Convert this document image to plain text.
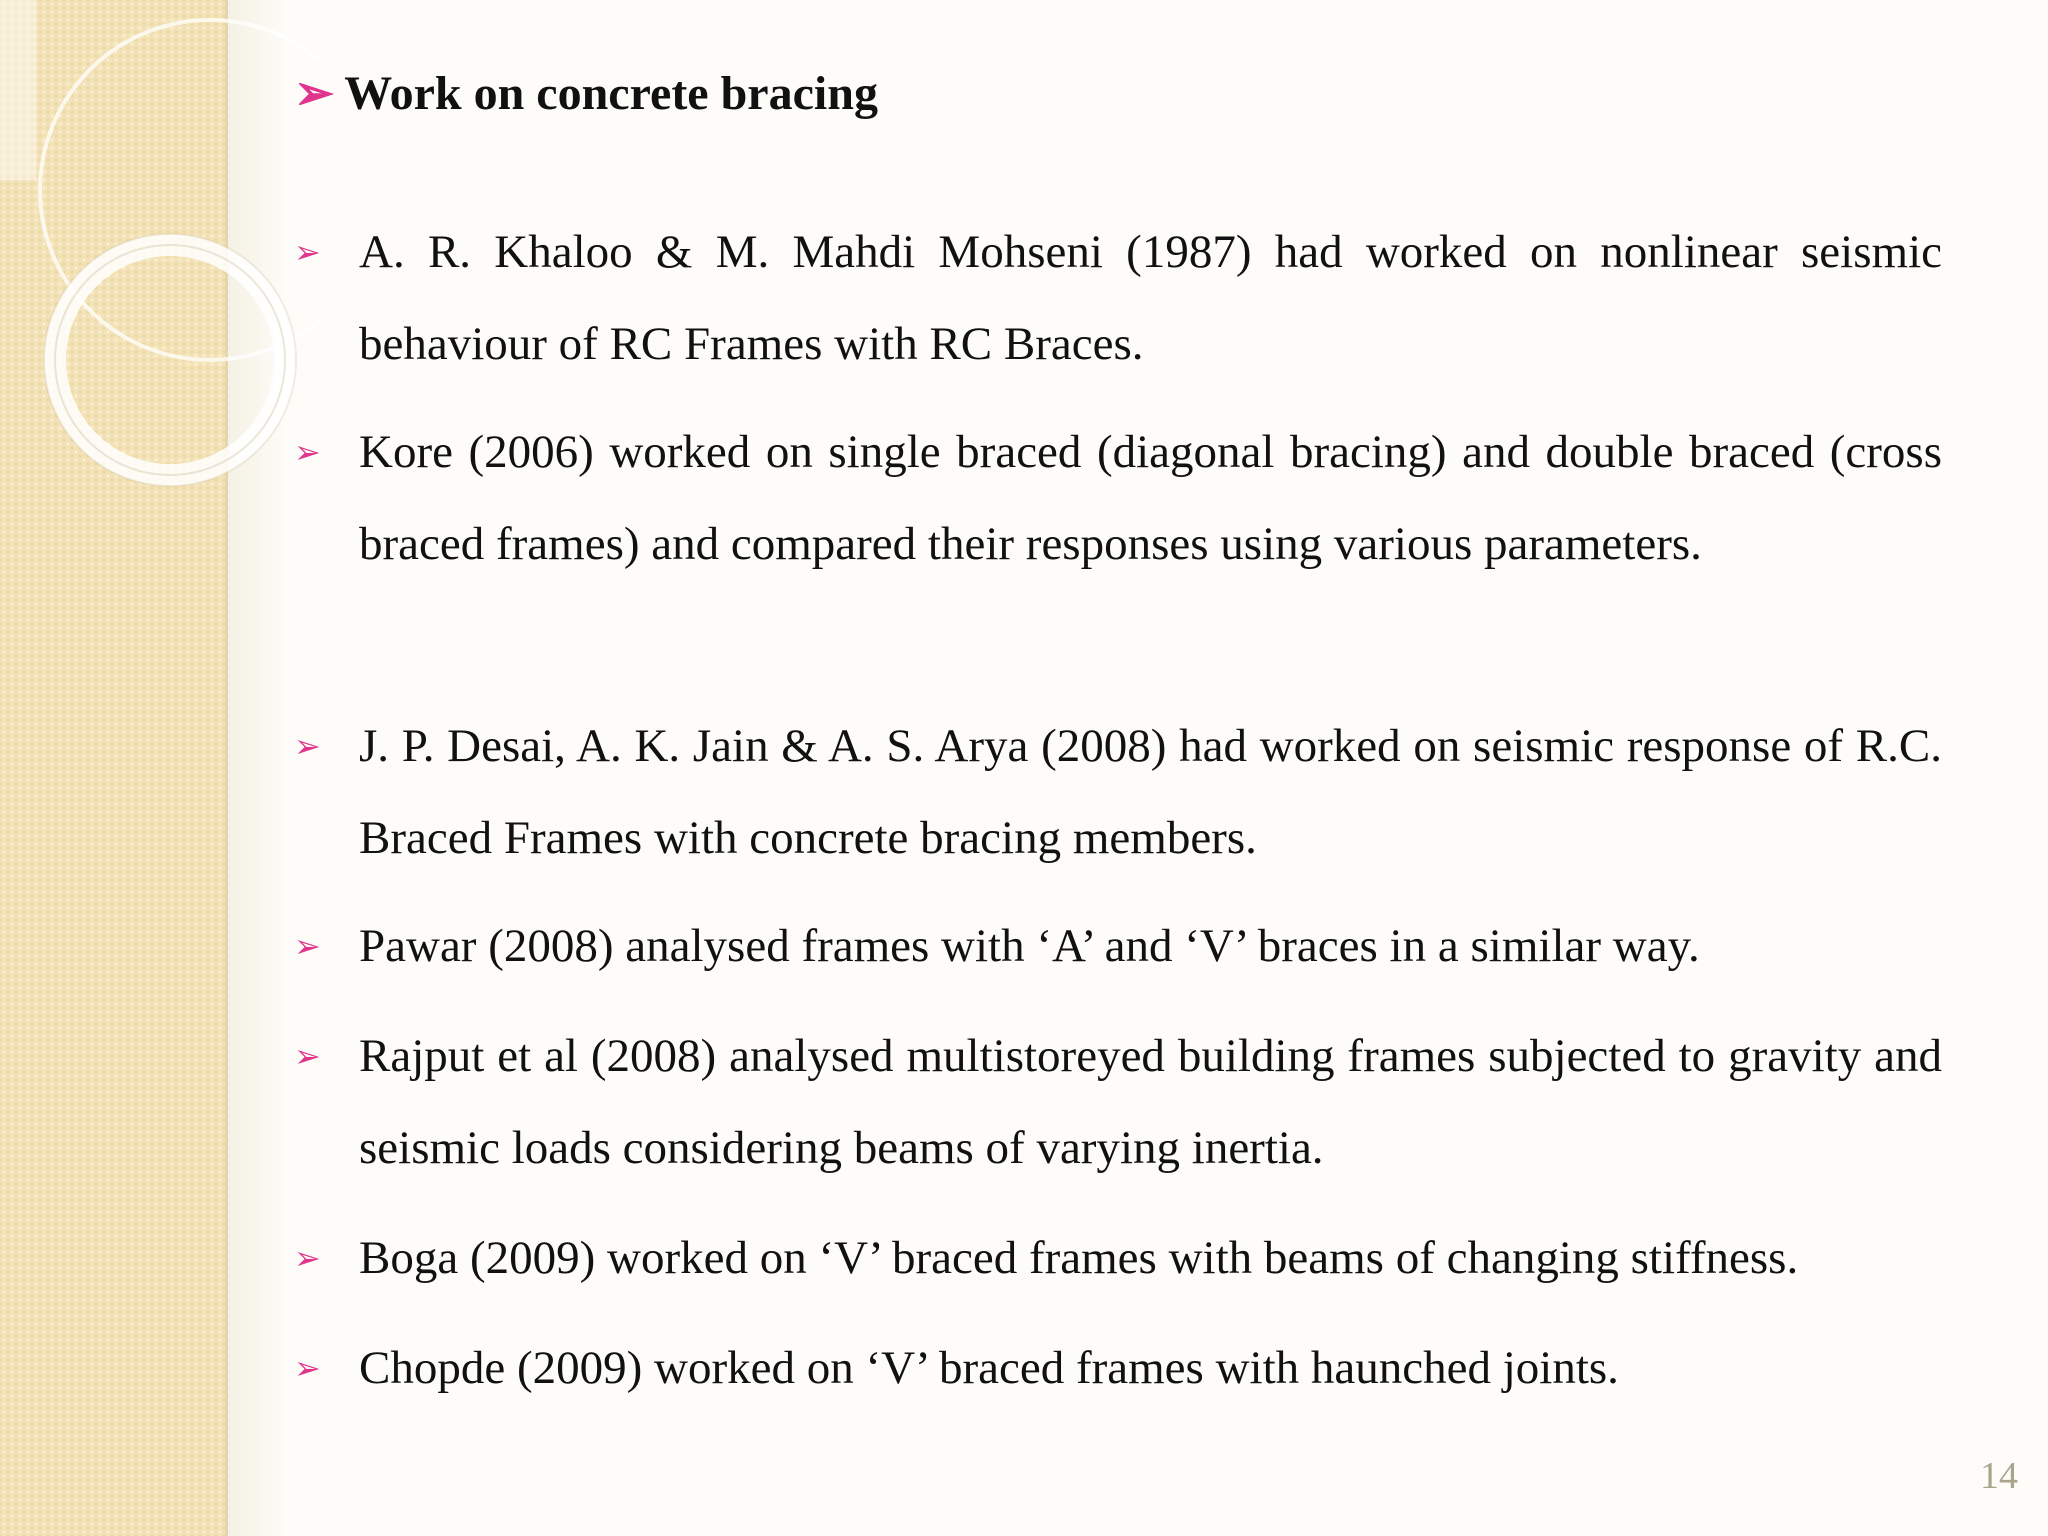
➢ Work on concrete bracing
➢ A. R. Khaloo & M. Mahdi Mohseni (1987) had worked on nonlinear seismic behaviour of RC Frames with RC Braces.
➢ Kore (2006) worked on single braced (diagonal bracing) and double braced (cross braced frames) and compared their responses using various parameters.
➢ J. P. Desai, A. K. Jain & A. S. Arya (2008) had worked on seismic response of R.C. Braced Frames with concrete bracing members.
➢ Pawar (2008) analysed frames with ‘A’ and ‘V’ braces in a similar way.
➢ Rajput et al (2008) analysed multistoreyed building frames subjected to gravity and seismic loads considering beams of varying inertia.
➢ Boga (2009) worked on ‘V’ braced frames with beams of changing stiffness.
➢ Chopde (2009) worked on ‘V’ braced frames with haunched joints.
14
